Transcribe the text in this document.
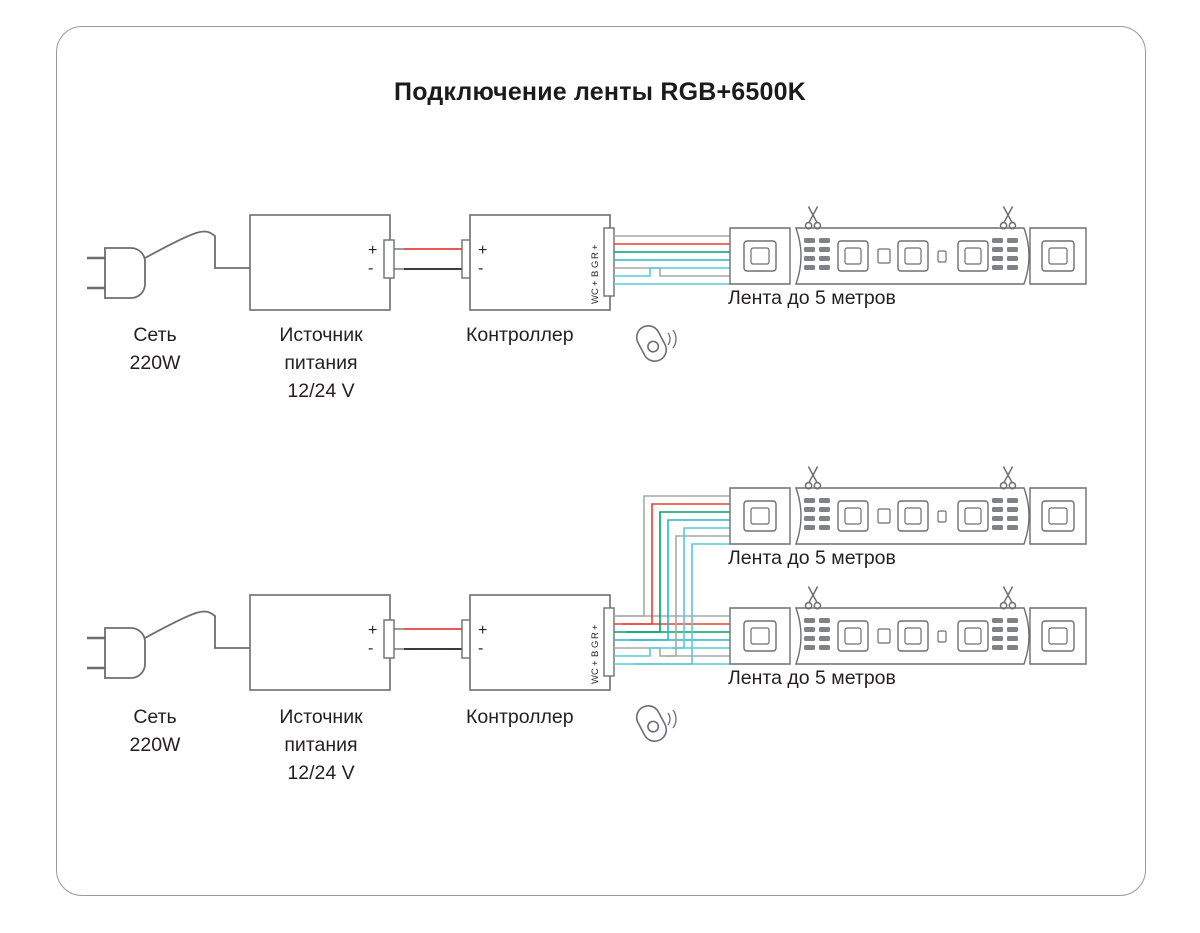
Подключение ленты RGB+6500K
+
-
+
-
+
R
G
B
+
C
W
Сеть
220W
Источник
питания
12/24 V
Контроллер
Лента до 5 метров
+
-
+
-
+
R
G
B
+
C
W
Сеть
220W
Источник
питания
12/24 V
Контроллер
Лента до 5 метров
Лента до 5 метров
